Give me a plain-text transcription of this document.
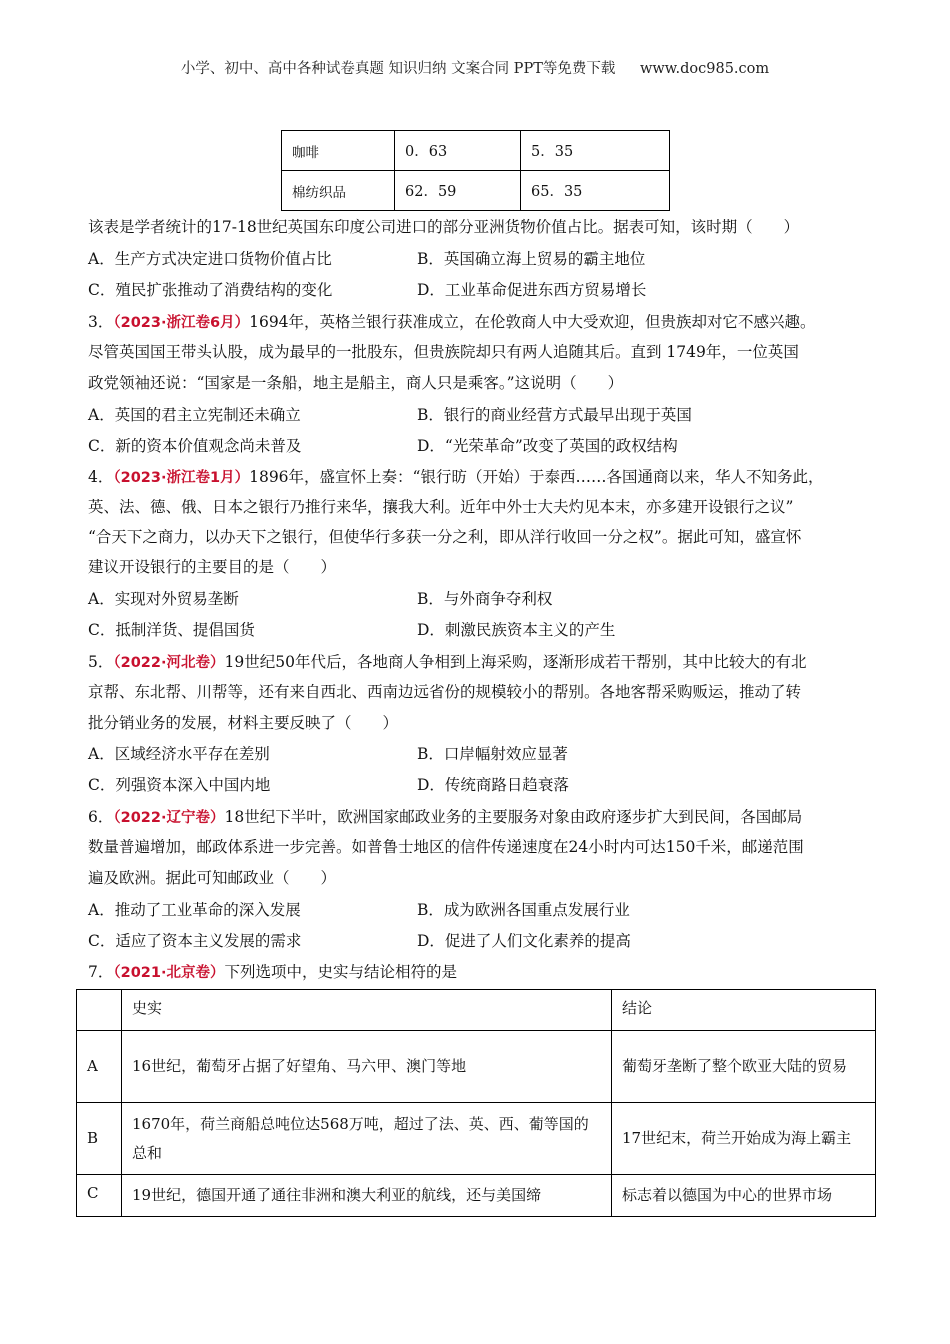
小学、初中、高中各种试卷真题 知识归纳 文案合同 PPT等免费下载 www.doc985.com
咖啡	0．63	5．35
棉纺织品	62．59	65．35
该表是学者统计的17-18世纪英国东印度公司进口的部分亚洲货物价值占比。据表可知，该时期（　　）
A．生产方式决定进口货物价值占比	B．英国确立海上贸易的霸主地位
C．殖民扩张推动了消费结构的变化	D．工业革命促进东西方贸易增长
3．（2023·浙江卷6月）1694年，英格兰银行获准成立，在伦敦商人中大受欢迎，但贵族却对它不感兴趣。
尽管英国国王带头认股，成为最早的一批股东，但贵族院却只有两人追随其后。直到 1749年，一位英国
政党领袖还说：“国家是一条船，地主是船主，商人只是乘客。”这说明（　　）
A．英国的君主立宪制还未确立	B．银行的商业经营方式最早出现于英国
C．新的资本价值观念尚未普及	D．“光荣革命”改变了英国的政权结构
4．（2023·浙江卷1月）1896年，盛宣怀上奏：“银行昉（开始）于泰西……各国通商以来，华人不知务此，
英、法、德、俄、日本之银行乃推行来华，攘我大利。近年中外士大夫灼见本末，亦多建开设银行之议”
“合天下之商力，以办天下之银行，但使华行多获一分之利，即从洋行收回一分之权”。据此可知，盛宣怀
建议开设银行的主要目的是（　　）
A．实现对外贸易垄断	B．与外商争夺利权
C．抵制洋货、提倡国货	D．刺激民族资本主义的产生
5．（2022·河北卷）19世纪50年代后，各地商人争相到上海采购，逐渐形成若干帮别，其中比较大的有北
京帮、东北帮、川帮等，还有来自西北、西南边远省份的规模较小的帮别。各地客帮采购贩运，推动了转
批分销业务的发展，材料主要反映了（　　）
A．区域经济水平存在差别	B．口岸幅射效应显著
C．列强资本深入中国内地	D．传统商路日趋衰落
6．（2022·辽宁卷）18世纪下半叶，欧洲国家邮政业务的主要服务对象由政府逐步扩大到民间，各国邮局
数量普遍增加，邮政体系进一步完善。如普鲁士地区的信件传递速度在24小时内可达150千米，邮递范围
遍及欧洲。据此可知邮政业（　　）
A．推动了工业革命的深入发展	B．成为欧洲各国重点发展行业
C．适应了资本主义发展的需求	D．促进了人们文化素养的提高
7．（2021·北京卷）下列选项中，史实与结论相符的是
	史实	结论
A	16世纪，葡萄牙占据了好望角、马六甲、澳门等地	葡萄牙垄断了整个欧亚大陆的贸易
B	1670年，荷兰商船总吨位达568万吨，超过了法、英、西、葡等国的总和	17世纪末，荷兰开始成为海上霸主
C	19世纪，德国开通了通往非洲和澳大利亚的航线，还与美国缔	标志着以德国为中心的世界市场
